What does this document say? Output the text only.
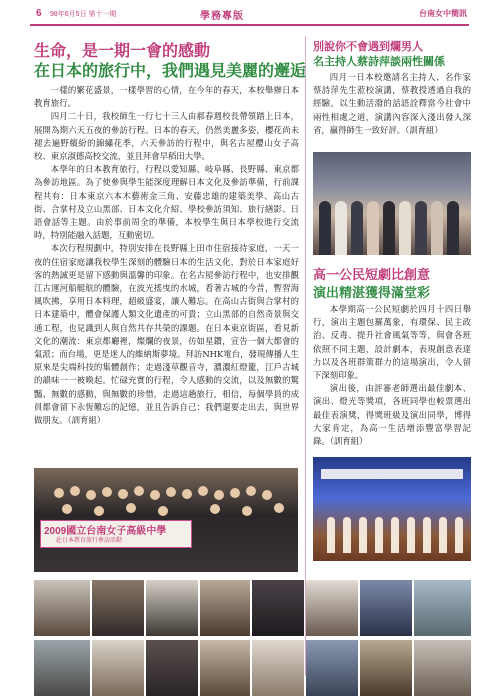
6 98年6月5日 第十一期	學務專版	台南女中簡訊
生命，是一期一會的感動
在日本的旅行中，我們遇見美麗的邂逅

一樣的繁花盛景，一樣學習的心情，在今年的春天，本校舉辦日本教育旅行。

四月二十日，我校師生一行七十三人由郝春週校長帶領踏上日本，展開為期六天五夜的參訪行程。日本的春天，仍然美麗多姿，櫻花尚未褪去遍野繽紛的錦繡花季，六天參訪的行程中，與名古屋櫻山女子高校、東京淑德高校交流，並且拜會早稻田大學。

本學年的日本教育旅行，行程以愛知縣、岐阜縣、長野縣、東京都為參訪地區。為了使參與學生能深度理解日本文化及參訪準備，行前課程共有：日本東京六本木藝術金三角、安藤忠雄的建築美學、高山古街、合掌村及立山黑部、日本文化介紹、學校參訪須知、旅行繕影、日語會話等主題。由於事前周全的準備，本校學生與日本學校進行交流時，特別能融入話題，互動密切。

本次行程規劃中，特別安排在長野縣上田市住宿接待家庭，一天一夜的住宿家庭讓我校學生深刻的體驗日本的生活文化，對於日本家庭好客的熱誠更是留下感動與溫馨的印象。在名古屋參訪行程中，也安排觀江古運河船艇航的體驗，在波光搖曳的水城，看著古城的今昔，暫習海風吹拂，享用日本料理，超級盛宴，讓人難忘。在高山古街與合掌村的日本建築中，體會保護人類文化遺產的可貴；立山黑部的自然奇景與交通工程，也見識到人與自然共存共榮的課題。在日本東京街區，看見新文化的潮流：東京都廳裡，燦爛的夜景，彷如星鑽，宣告一個大都會的氣派；而台場，更是迷人的維納斯夢境。拜訪NHK電台，發現傳播人生原來是尖端科技的集體創作；走過淺草觀音寺，濃濃紅燈籠，江戶古城的韻味一一被喚起。忙碌充實的行程，令人感動的交流，以及無數的驚豔、無數的感動，與無數的珍惜，走過這趟旅行，相信，每個學員的成員都會留下永恆難忘的記憶，並且告訴自己：我們還要走出去，與世界做朋友。（訓育組）

別說你不會遇到爛男人
名主持人蔡詩萍談兩性關係

四月一日本校邀請名主持人、名作家蔡詩萍先生蒞校演講，蔡教授透過自我的經驗，以生動活潑的話語詮釋當今社會中兩性相處之道，演講內容深入淺出發人深省，贏得師生一致好評。（訓育組）

高一公民短劇比創意
演出精湛獲得滿堂彩

本學期高一公民短劇於四月十四日舉行，演出主題包羅萬象，有環保、民主政治、反毒、提升社會風氣等等，與會各班依照不同主題，設計劇本，表現創意表達力以及各班群策群力的這場演出，令人留下深刻印象。

演出後，由評審老師選出最佳劇本、演出、燈光等獎項，各班同學也較票選出最佳表演獎，得獎班級及演出同學，博得大家肯定，為高一生活增添豐富學習記錄。（訓育組）

2009國立台南女子高級中學
赴日本教育旅行參訪活動
